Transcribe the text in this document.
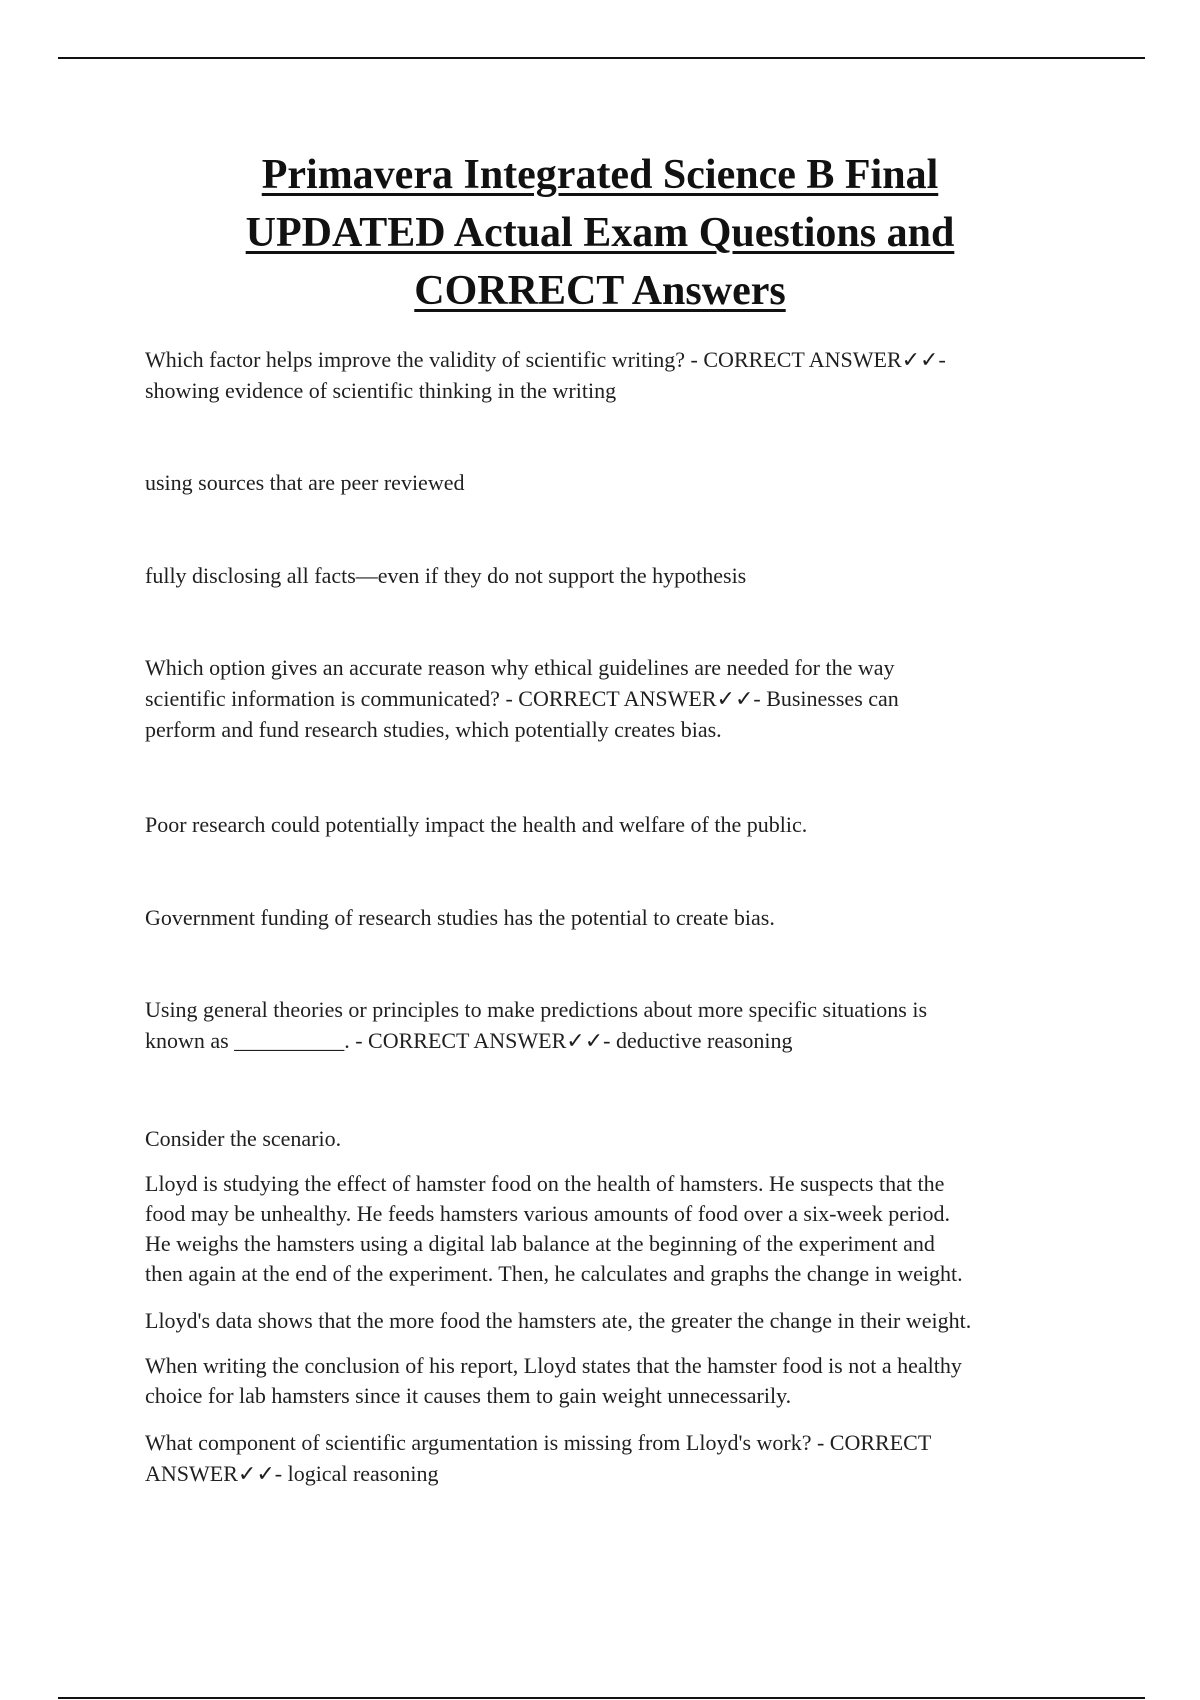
Primavera Integrated Science B Final
UPDATED Actual Exam Questions and
CORRECT Answers

Which factor helps improve the validity of scientific writing? - CORRECT ANSWER✓✓-
showing evidence of scientific thinking in the writing

using sources that are peer reviewed

fully disclosing all facts—even if they do not support the hypothesis

Which option gives an accurate reason why ethical guidelines are needed for the way
scientific information is communicated? - CORRECT ANSWER✓✓- Businesses can
perform and fund research studies, which potentially creates bias.

Poor research could potentially impact the health and welfare of the public.

Government funding of research studies has the potential to create bias.

Using general theories or principles to make predictions about more specific situations is
known as __________. - CORRECT ANSWER✓✓- deductive reasoning

Consider the scenario.

Lloyd is studying the effect of hamster food on the health of hamsters. He suspects that the
food may be unhealthy. He feeds hamsters various amounts of food over a six-week period.
He weighs the hamsters using a digital lab balance at the beginning of the experiment and
then again at the end of the experiment. Then, he calculates and graphs the change in weight.

Lloyd's data shows that the more food the hamsters ate, the greater the change in their weight.

When writing the conclusion of his report, Lloyd states that the hamster food is not a healthy
choice for lab hamsters since it causes them to gain weight unnecessarily.

What component of scientific argumentation is missing from Lloyd's work? - CORRECT
ANSWER✓✓- logical reasoning
